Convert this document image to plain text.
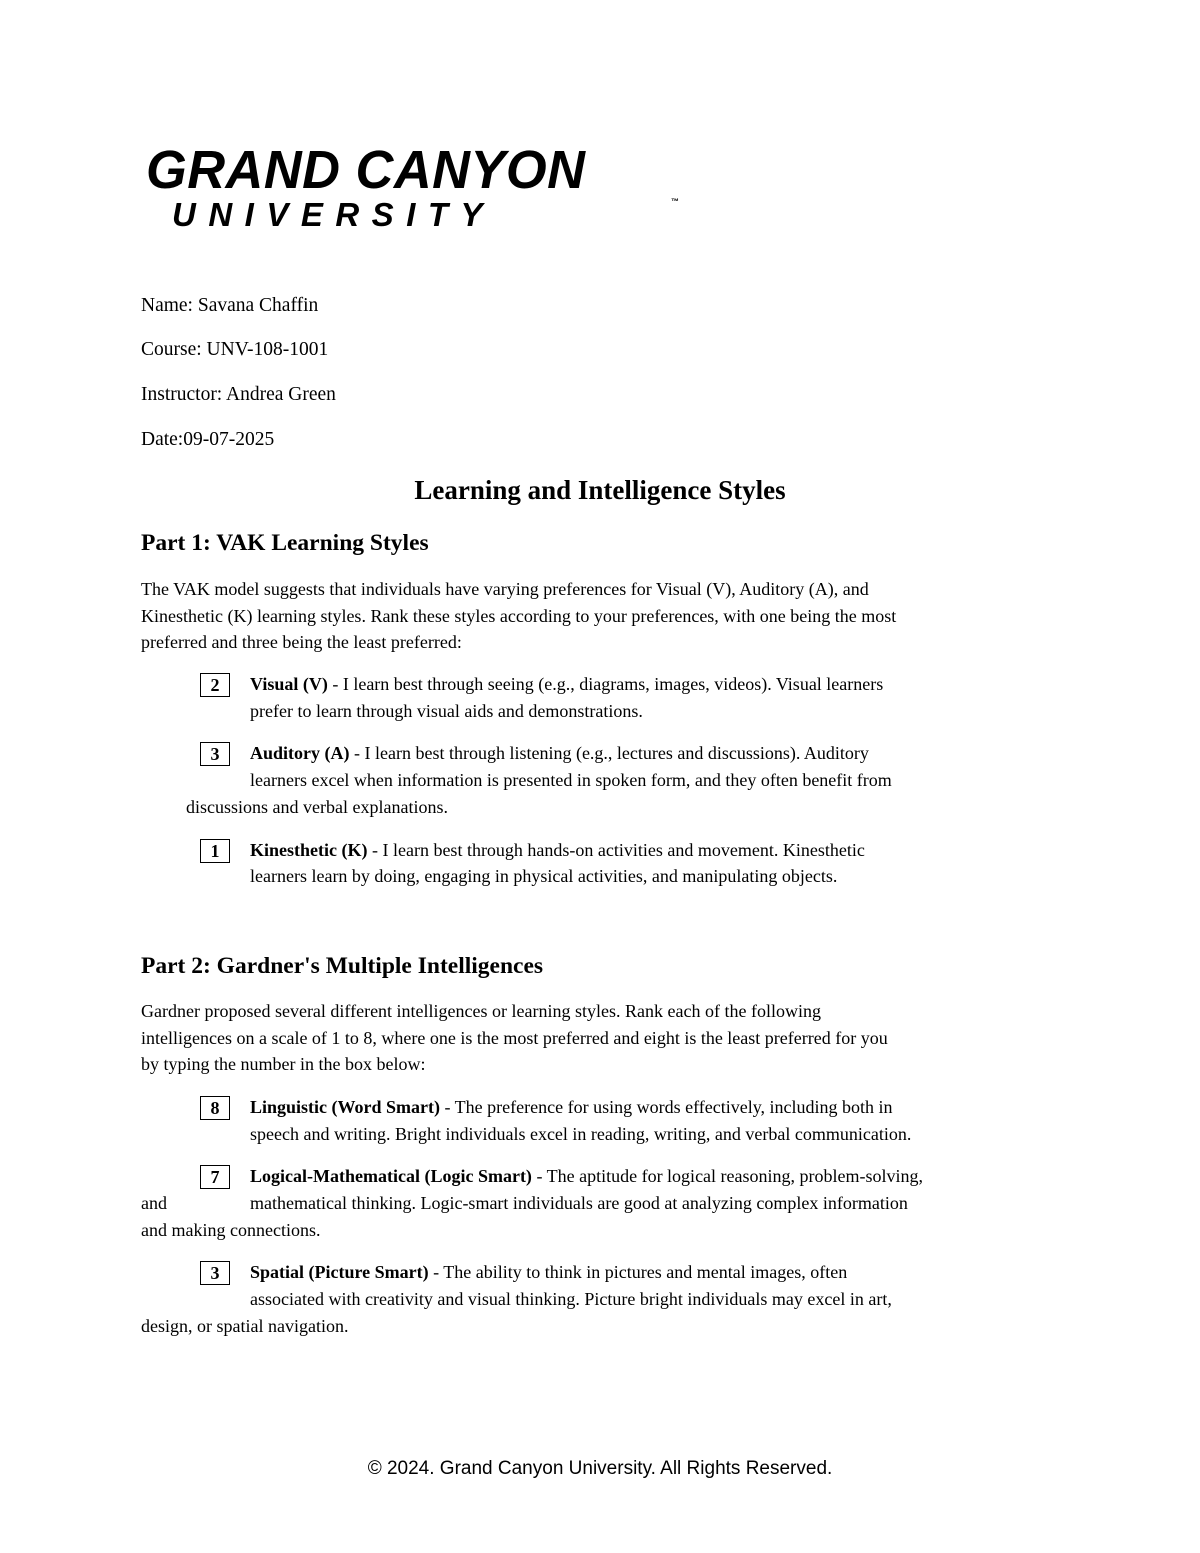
GRAND CANYON
UNIVERSITY	™
Name: Savana Chaffin
Course: UNV-108-1001
Instructor: Andrea Green
Date:09-07-2025
Learning and Intelligence Styles
Part 1: VAK Learning Styles
The VAK model suggests that individuals have varying preferences for Visual (V), Auditory (A), and
Kinesthetic (K) learning styles. Rank these styles according to your preferences, with one being the most
preferred and three being the least preferred:
2	Visual (V) - I learn best through seeing (e.g., diagrams, images, videos). Visual learners
prefer to learn through visual aids and demonstrations.
3	Auditory (A) - I learn best through listening (e.g., lectures and discussions). Auditory
learners excel when information is presented in spoken form, and they often benefit from
discussions and verbal explanations.
1	Kinesthetic (K) - I learn best through hands-on activities and movement. Kinesthetic
learners learn by doing, engaging in physical activities, and manipulating objects.
Part 2: Gardner's Multiple Intelligences
Gardner proposed several different intelligences or learning styles. Rank each of the following
intelligences on a scale of 1 to 8, where one is the most preferred and eight is the least preferred for you
by typing the number in the box below:
8	Linguistic (Word Smart) - The preference for using words effectively, including both in
speech and writing. Bright individuals excel in reading, writing, and verbal communication.
7	Logical-Mathematical (Logic Smart) - The aptitude for logical reasoning, problem-solving,
and	mathematical thinking. Logic-smart individuals are good at analyzing complex information
and making connections.
3	Spatial (Picture Smart) - The ability to think in pictures and mental images, often
associated with creativity and visual thinking. Picture bright individuals may excel in art,
design, or spatial navigation.
© 2024. Grand Canyon University. All Rights Reserved.
